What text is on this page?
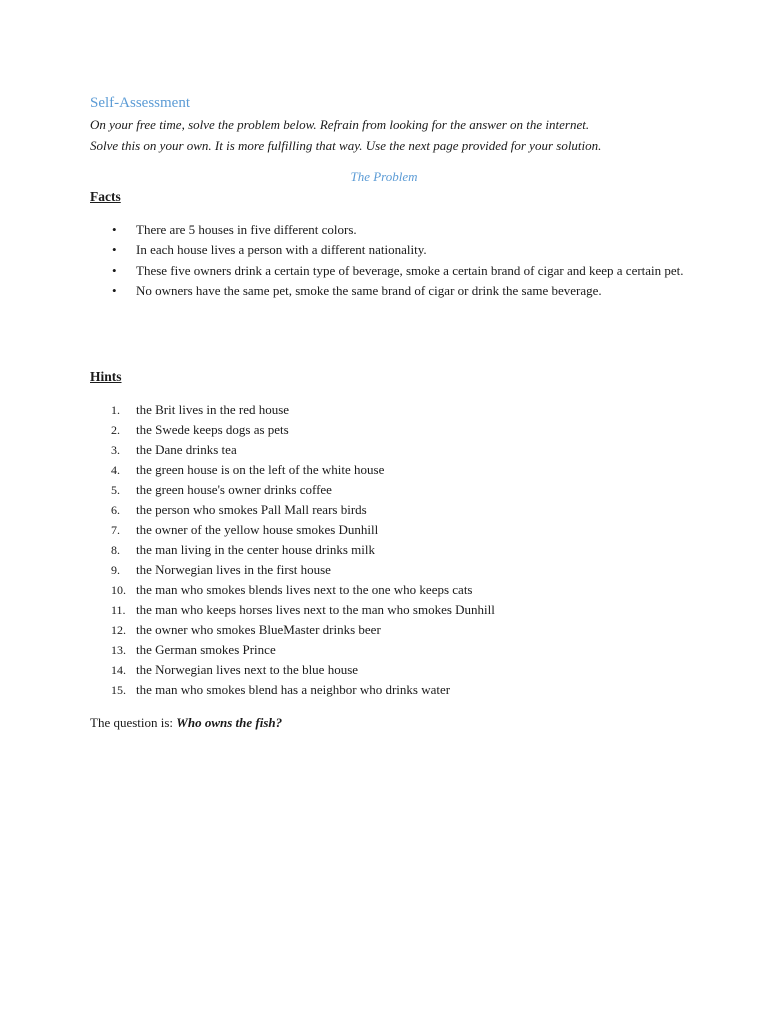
Self-Assessment
On your free time, solve the problem below. Refrain from looking for the answer on the internet.
Solve this on your own. It is more fulfilling that way. Use the next page provided for your solution.
The Problem
Facts
• There are 5 houses in five different colors.
• In each house lives a person with a different nationality.
• These five owners drink a certain type of beverage, smoke a certain brand of cigar and keep a certain pet.
• No owners have the same pet, smoke the same brand of cigar or drink the same beverage.
Hints
1. the Brit lives in the red house
2. the Swede keeps dogs as pets
3. the Dane drinks tea
4. the green house is on the left of the white house
5. the green house's owner drinks coffee
6. the person who smokes Pall Mall rears birds
7. the owner of the yellow house smokes Dunhill
8. the man living in the center house drinks milk
9. the Norwegian lives in the first house
10. the man who smokes blends lives next to the one who keeps cats
11. the man who keeps horses lives next to the man who smokes Dunhill
12. the owner who smokes BlueMaster drinks beer
13. the German smokes Prince
14. the Norwegian lives next to the blue house
15. the man who smokes blend has a neighbor who drinks water
The question is: Who owns the fish?
